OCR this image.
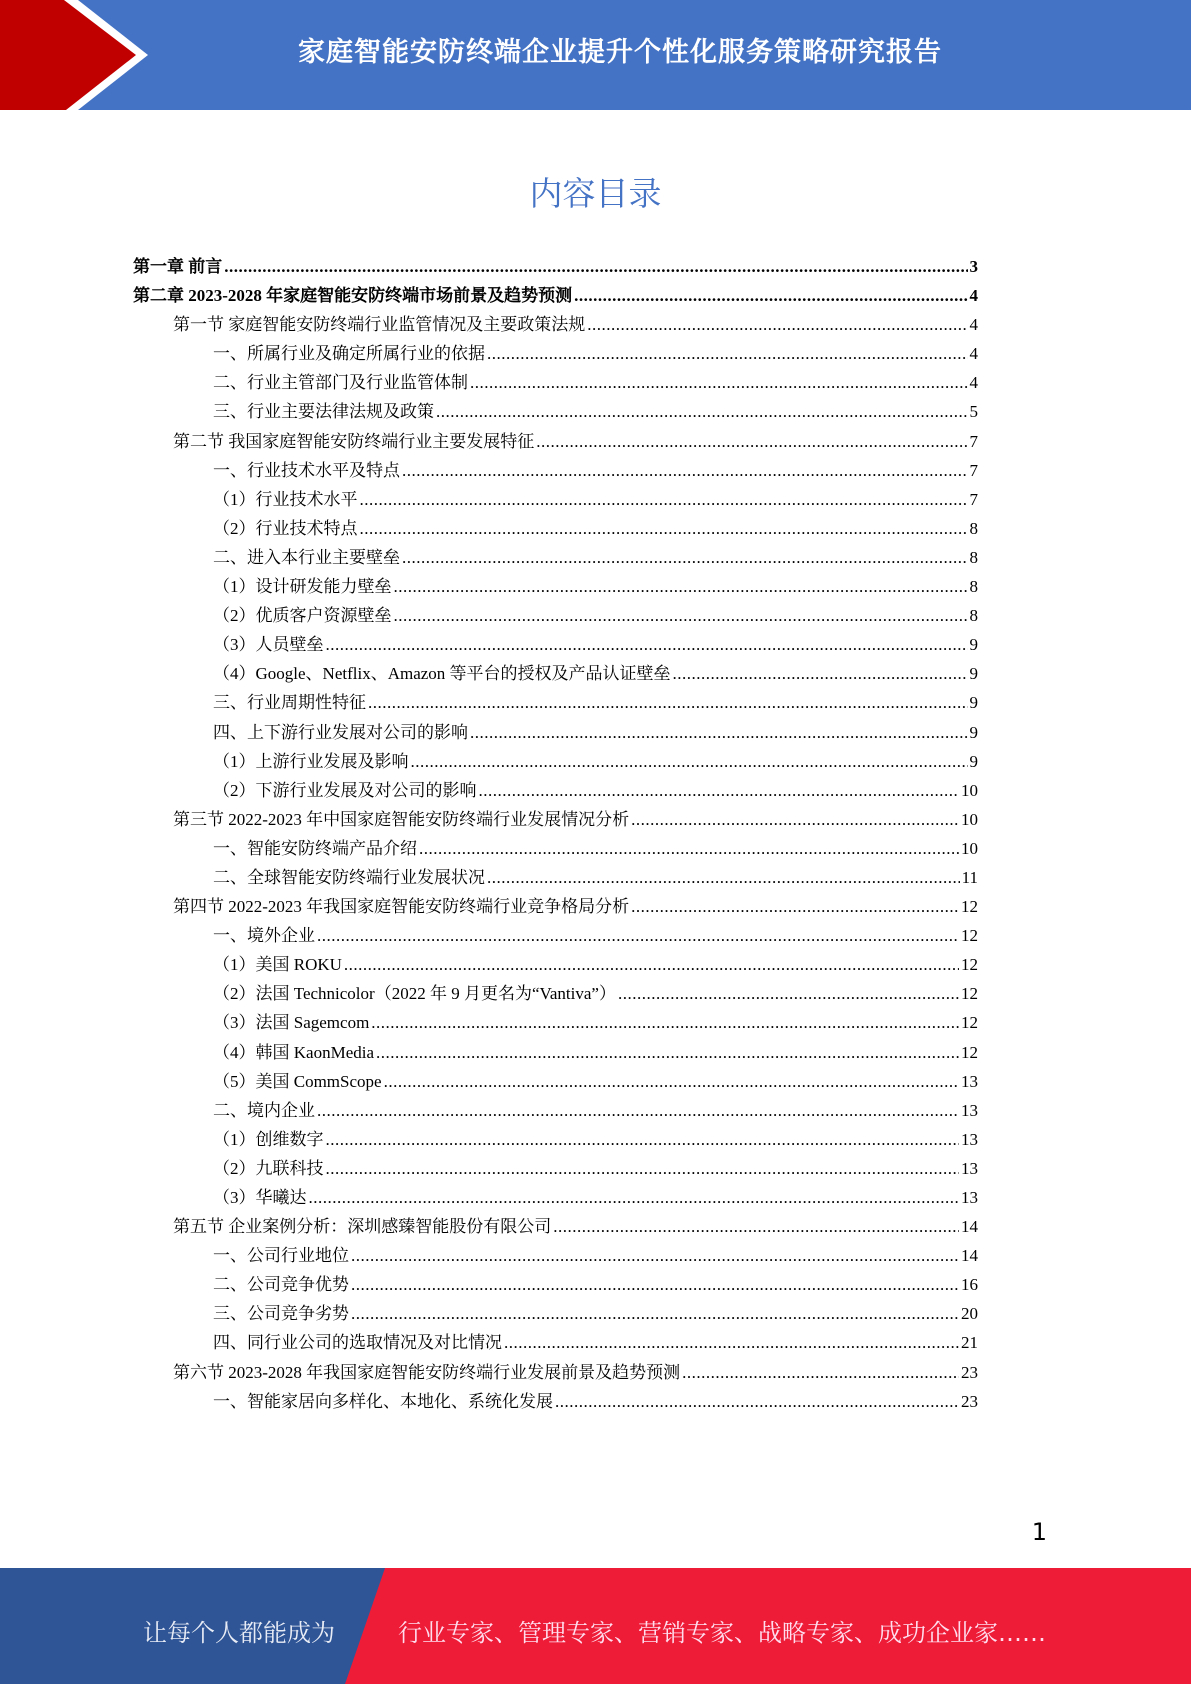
家庭智能安防终端企业提升个性化服务策略研究报告
内容目录
第一章 前言 .....	3
第二章 2023-2028 年家庭智能安防终端市场前景及趋势预测 .....	4
第一节 家庭智能安防终端行业监管情况及主要政策法规 .....	4
一、所属行业及确定所属行业的依据 .....	4
二、行业主管部门及行业监管体制 .....	4
三、行业主要法律法规及政策 .....	5
第二节 我国家庭智能安防终端行业主要发展特征 .....	7
一、行业技术水平及特点 .....	7
（1）行业技术水平 .....	7
（2）行业技术特点 .....	8
二、进入本行业主要壁垒 .....	8
（1）设计研发能力壁垒 .....	8
（2）优质客户资源壁垒 .....	8
（3）人员壁垒 .....	9
（4）Google、Netflix、Amazon 等平台的授权及产品认证壁垒 .....	9
三、行业周期性特征 .....	9
四、上下游行业发展对公司的影响 .....	9
（1）上游行业发展及影响 .....	9
（2）下游行业发展及对公司的影响 .....	10
第三节 2022-2023 年中国家庭智能安防终端行业发展情况分析 .....	10
一、智能安防终端产品介绍 .....	10
二、全球智能安防终端行业发展状况 .....	11
第四节 2022-2023 年我国家庭智能安防终端行业竞争格局分析 .....	12
一、境外企业 .....	12
（1）美国 ROKU .....	12
（2）法国 Technicolor（2022 年 9 月更名为“Vantiva”） .....	12
（3）法国 Sagemcom .....	12
（4）韩国 KaonMedia .....	12
（5）美国 CommScope .....	13
二、境内企业 .....	13
（1）创维数字 .....	13
（2）九联科技 .....	13
（3）华曦达 .....	13
第五节 企业案例分析：深圳感臻智能股份有限公司 .....	14
一、公司行业地位 .....	14
二、公司竞争优势 .....	16
三、公司竞争劣势 .....	20
四、同行业公司的选取情况及对比情况 .....	21
第六节 2023-2028 年我国家庭智能安防终端行业发展前景及趋势预测 .....	23
一、智能家居向多样化、本地化、系统化发展 .....	23
1
让每个人都能成为	行业专家、管理专家、营销专家、战略专家、成功企业家……
